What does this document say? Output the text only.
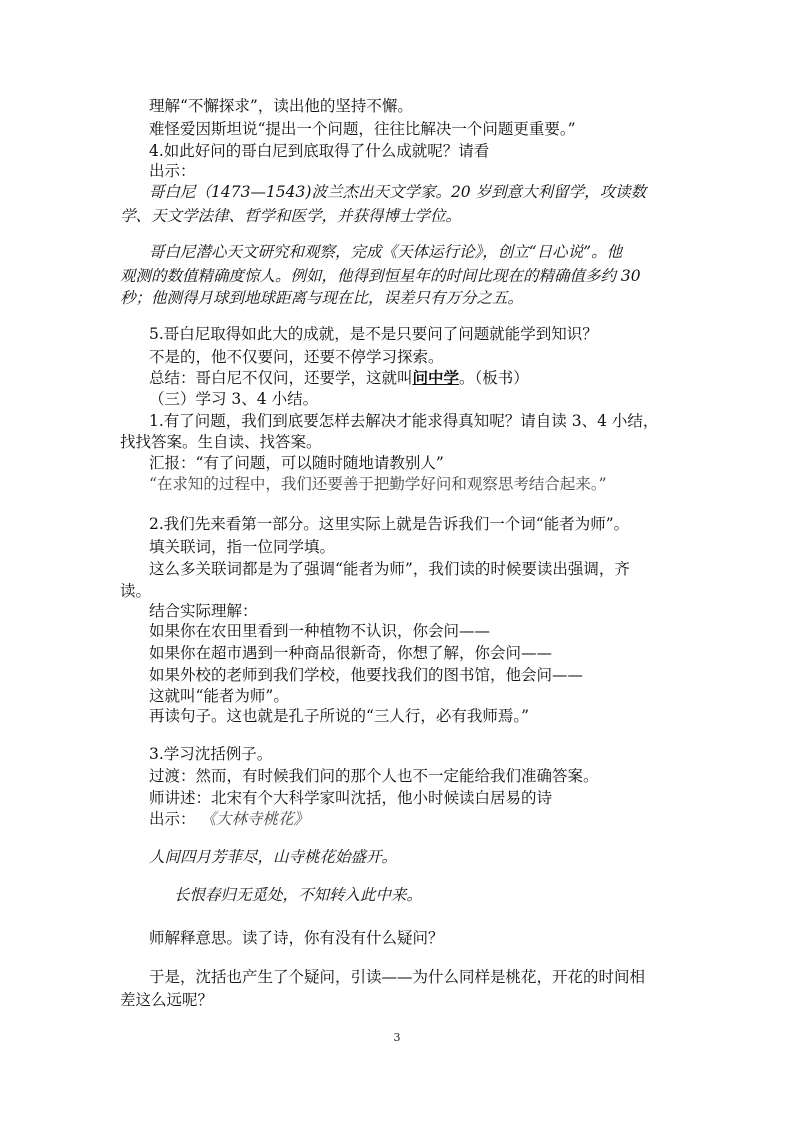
理解“不懈探求”，读出他的坚持不懈。
难怪爱因斯坦说“提出一个问题，往往比解决一个问题更重要。”
4.如此好问的哥白尼到底取得了什么成就呢？请看
出示：
哥白尼（1473—1543)波兰杰出天文学家。20 岁到意大利留学，攻读数
学、天文学法律、哲学和医学，并获得博士学位。
哥白尼潜心天文研究和观察，完成《天体运行论》，创立“日心说”。他
观测的数值精确度惊人。例如，他得到恒星年的时间比现在的精确值多约 30
秒；他测得月球到地球距离与现在比，误差只有万分之五。
5.哥白尼取得如此大的成就，是不是只要问了问题就能学到知识？
不是的，他不仅要问，还要不停学习探索。
总结：哥白尼不仅问，还要学，这就叫问中学。（板书）
（三）学习 3、4 小结。
1.有了问题，我们到底要怎样去解决才能求得真知呢？请自读 3、4 小结，
找找答案。生自读、找答案。
汇报：“有了问题，可以随时随地请教别人”
“在求知的过程中，我们还要善于把勤学好问和观察思考结合起来。”
2.我们先来看第一部分。这里实际上就是告诉我们一个词“能者为师”。
填关联词，指一位同学填。
这么多关联词都是为了强调“能者为师”，我们读的时候要读出强调，齐
读。
结合实际理解：
如果你在农田里看到一种植物不认识，你会问——
如果你在超市遇到一种商品很新奇，你想了解，你会问——
如果外校的老师到我们学校，他要找我们的图书馆，他会问——
这就叫“能者为师”。
再读句子。这也就是孔子所说的“三人行，必有我师焉。”
3.学习沈括例子。
过渡：然而，有时候我们问的那个人也不一定能给我们准确答案。
师讲述：北宋有个大科学家叫沈括，他小时候读白居易的诗
出示： 《大林寺桃花》
人间四月芳菲尽，山寺桃花始盛开。
长恨春归无觅处，不知转入此中来。
师解释意思。读了诗，你有没有什么疑问？
于是，沈括也产生了个疑问，引读——为什么同样是桃花，开花的时间相
差这么远呢？
3
